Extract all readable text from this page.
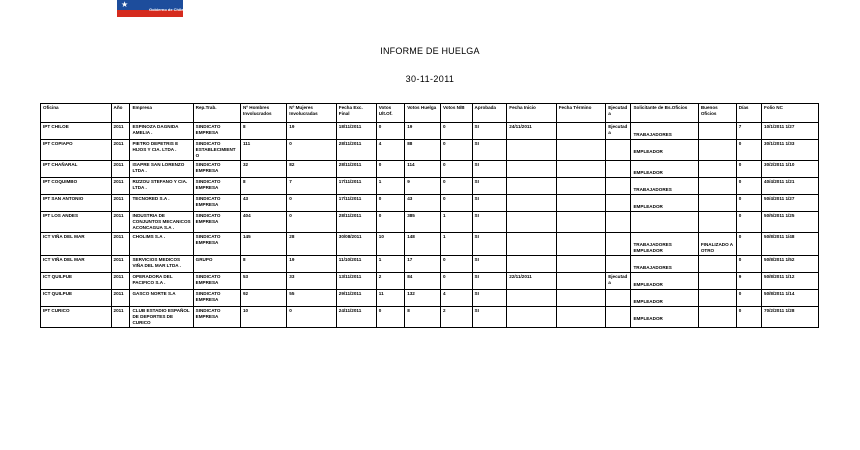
★
Gobierno de Chile
INFORME DE HUELGA
30-11-2011
Oficina	Año	Empresa	Rep.Trab.	Nº Hombres Involucrados	Nº Mujeres Involucradas	Fecha Exc. Final	Votos Ult.Of.	Votos Huelga	Votos N/B	Aprobada	Fecha Inicio	Fecha Término	Ejecutada	Solicitante de Bs.Oficios	Buenos Oficios	Días	Folio NC
IPT CHILOE	2011	ESPINOZA DAGNIDA AMELIA .	SINDICATO EMPRESA	8	19	18/11/2011	0	19	0	SI	24/11/2011		Ejecutada	TRABAJADORES		7	10/1/2011 1/27
IPT COPIAPO	2011	PIETRO DEPETRIS E HIJOS Y CIA. LTDA .	SINDICATO ESTABLECIMIENTO	111	0	28/11/2011	4	88	0	SI				EMPLEADOR		0	30/1/2011 1/33
IPT CHAÑARAL	2011	ISAPRE SAN LORENZO LTDA .	SINDICATO EMPRESA	32	82	28/11/2011	0	114	0	SI				EMPLEADOR		0	30/2/2011 1/10
IPT COQUIMBO	2011	RIZZOU STEFANO Y CIA. LTDA .	SINDICATO EMPRESA	8	7	17/11/2011	1	9	0	SI				TRABAJADORES		0	40/4/2011 1/21
IPT SAN ANTONIO	2011	TECNORED S.A .	SINDICATO EMPRESA	43	0	17/11/2011	0	43	0	SI				EMPLEADOR		0	50/4/2011 1/27
IPT LOS ANDES	2011	INDUSTRIA DE CONJUNTOS MECANICOS ACONCAGUA S.A .	SINDICATO EMPRESA	404	0	28/11/2011	0	385	1	SI						0	50/5/2011 1/25
ICT VIÑA DEL MAR	2011	CHOLIMS S.A .	SINDICATO EMPRESA	145	28	30/08/2011	10	148	1	SI				TRABAJADORES EMPLEADOR	FINALIZADO A OTRO	0	50/8/2011 1/48
ICT VIÑA DEL MAR	2011	SERVICIOS MEDICOS VIÑA DEL MAR LTDA .	GRUPO	8	19	11/10/2011	1	17	0	SI				TRABAJADORES		0	50/8/2011 1/52
ICT QUILPUE	2011	OPERADORA DEL PACIFICO S.A .	SINDICATO EMPRESA	53	33	13/11/2011	2	84	0	SI	22/11/2011		Ejecutada	EMPLEADOR		9	50/8/2011 1/12
ICT QUILPUE	2011	GASCO NORTE S.A	SINDICATO EMPRESA	92	55	29/11/2011	11	132	4	SI				EMPLEADOR		0	50/8/2011 1/14
IPT CURICO	2011	CLUB ESTADIO ESPAÑOL DE DEPORTES DE CURICO	SINDICATO EMPRESA	10	0	24/11/2011	0	8	2	SI				EMPLEADOR		0	70/2/2011 1/28
